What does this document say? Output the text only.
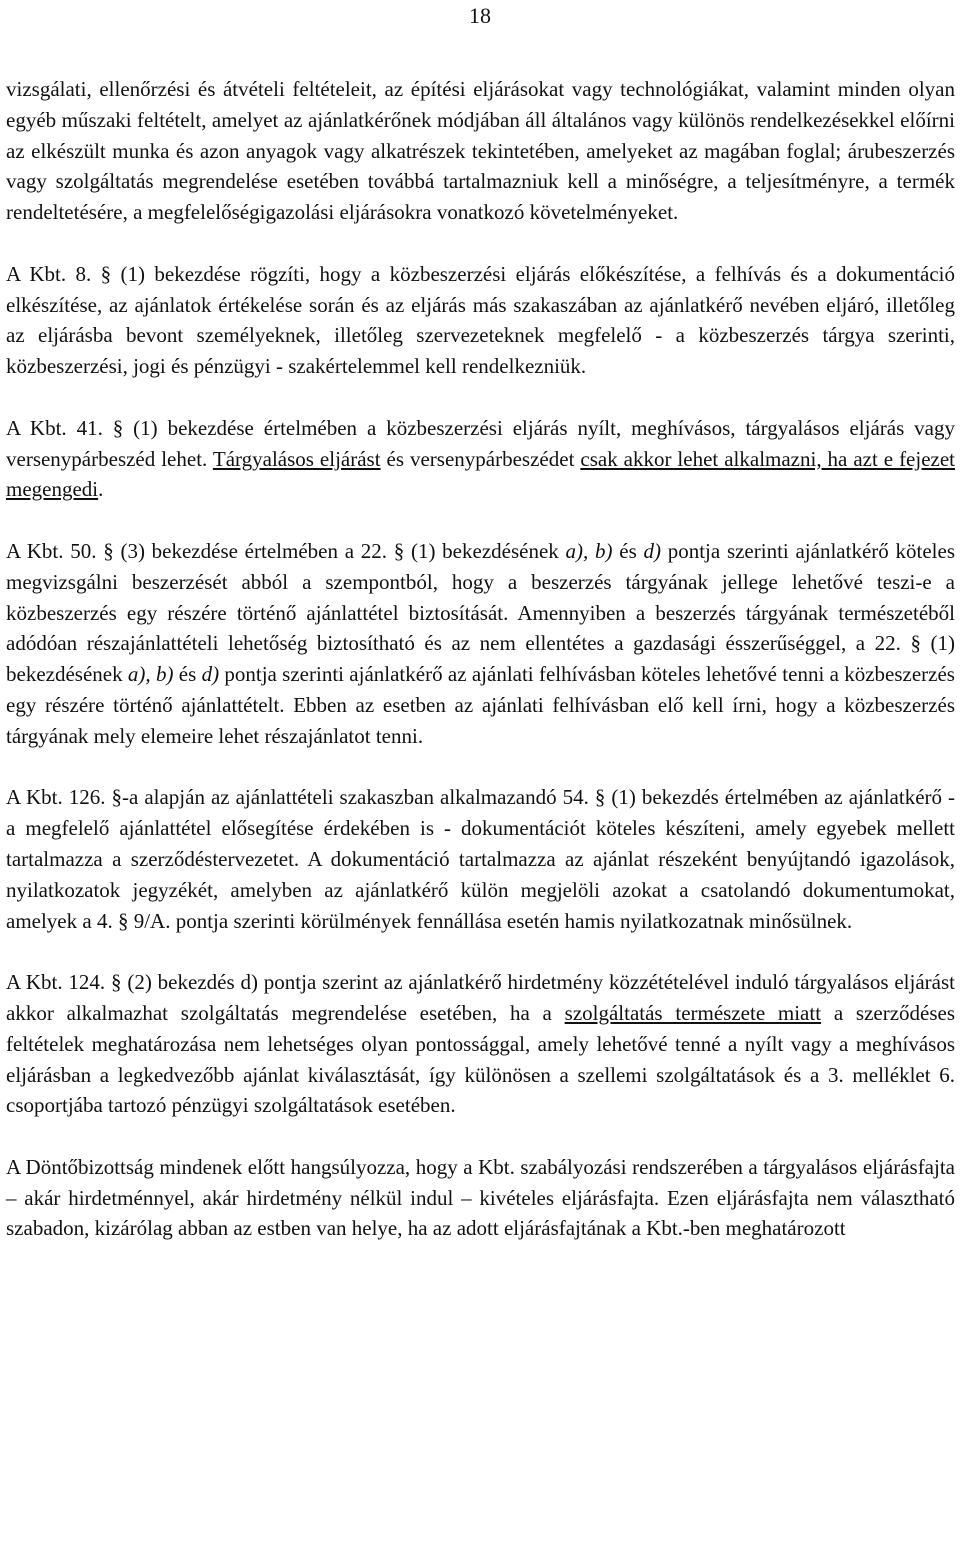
18

vizsgálati, ellenőrzési és átvételi feltételeit, az építési eljárásokat vagy technológiákat, valamint minden olyan egyéb műszaki feltételt, amelyet az ajánlatkérőnek módjában áll általános vagy különös rendelkezésekkel előírni az elkészült munka és azon anyagok vagy alkatrészek tekintetében, amelyeket az magában foglal; árubeszerzés vagy szolgáltatás megrendelése esetében továbbá tartalmazniuk kell a minőségre, a teljesítményre, a termék rendeltetésére, a megfelelőségigazolási eljárásokra vonatkozó követelményeket.

A Kbt. 8. § (1) bekezdése rögzíti, hogy a közbeszerzési eljárás előkészítése, a felhívás és a dokumentáció elkészítése, az ajánlatok értékelése során és az eljárás más szakaszában az ajánlatkérő nevében eljáró, illetőleg az eljárásba bevont személyeknek, illetőleg szervezeteknek megfelelő - a közbeszerzés tárgya szerinti, közbeszerzési, jogi és pénzügyi - szakértelemmel kell rendelkezniük.

A Kbt. 41. § (1) bekezdése értelmében a közbeszerzési eljárás nyílt, meghívásos, tárgyalásos eljárás vagy versenypárbeszéd lehet. Tárgyalásos eljárást és versenypárbeszédet csak akkor lehet alkalmazni, ha azt e fejezet megengedi.

A Kbt. 50. § (3) bekezdése értelmében a 22. § (1) bekezdésének a), b) és d) pontja szerinti ajánlatkérő köteles megvizsgálni beszerzését abból a szempontból, hogy a beszerzés tárgyának jellege lehetővé teszi-e a közbeszerzés egy részére történő ajánlattétel biztosítását. Amennyiben a beszerzés tárgyának természetéből adódóan részajánlattételi lehetőség biztosítható és az nem ellentétes a gazdasági ésszerűséggel, a 22. § (1) bekezdésének a), b) és d) pontja szerinti ajánlatkérő az ajánlati felhívásban köteles lehetővé tenni a közbeszerzés egy részére történő ajánlattételt. Ebben az esetben az ajánlati felhívásban elő kell írni, hogy a közbeszerzés tárgyának mely elemeire lehet részajánlatot tenni.

A Kbt. 126. §-a alapján az ajánlattételi szakaszban alkalmazandó 54. § (1) bekezdés értelmében az ajánlatkérő - a megfelelő ajánlattétel elősegítése érdekében is - dokumentációt köteles készíteni, amely egyebek mellett tartalmazza a szerződéstervezetet. A dokumentáció tartalmazza az ajánlat részeként benyújtandó igazolások, nyilatkozatok jegyzékét, amelyben az ajánlatkérő külön megjelöli azokat a csatolandó dokumentumokat, amelyek a 4. § 9/A. pontja szerinti körülmények fennállása esetén hamis nyilatkozatnak minősülnek.

A Kbt. 124. § (2) bekezdés d) pontja szerint az ajánlatkérő hirdetmény közzétételével induló tárgyalásos eljárást akkor alkalmazhat szolgáltatás megrendelése esetében, ha a szolgáltatás természete miatt a szerződéses feltételek meghatározása nem lehetséges olyan pontossággal, amely lehetővé tenné a nyílt vagy a meghívásos eljárásban a legkedvezőbb ajánlat kiválasztását, így különösen a szellemi szolgáltatások és a 3. melléklet 6. csoportjába tartozó pénzügyi szolgáltatások esetében.

A Döntőbizottság mindenek előtt hangsúlyozza, hogy a Kbt. szabályozási rendszerében a tárgyalásos eljárásfajta – akár hirdetménnyel, akár hirdetmény nélkül indul – kivételes eljárásfajta. Ezen eljárásfajta nem választható szabadon, kizárólag abban az estben van helye, ha az adott eljárásfajtának a Kbt.-ben meghatározott
